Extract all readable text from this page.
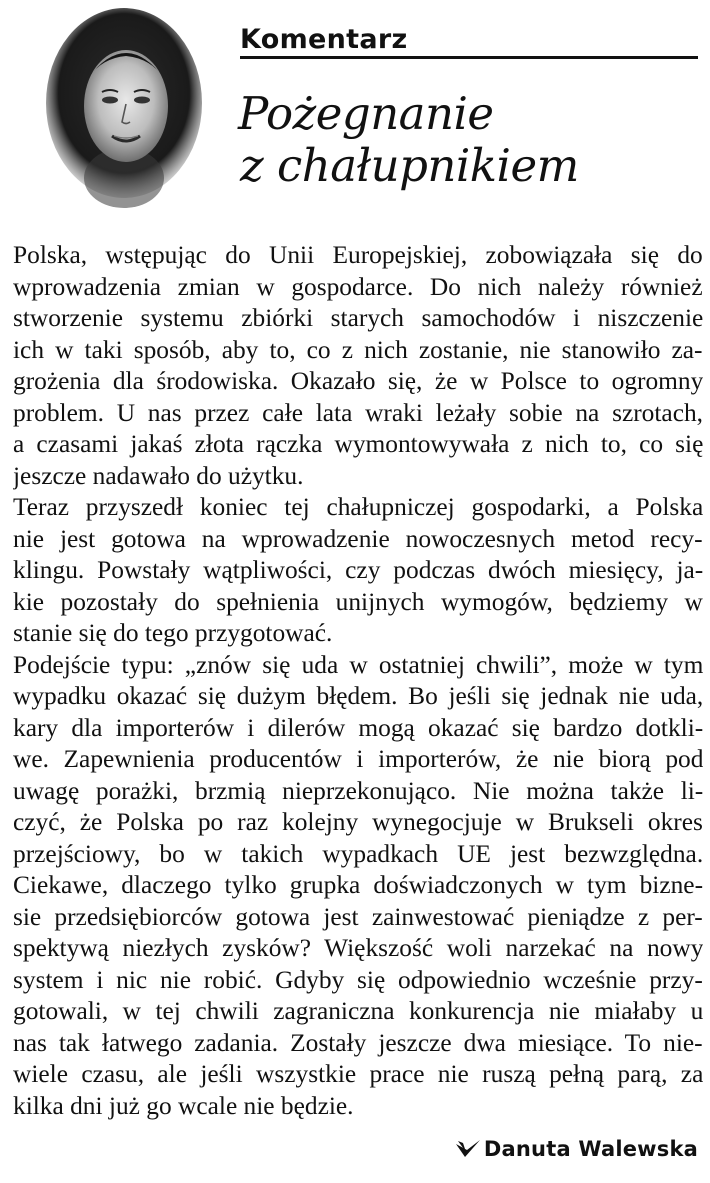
Komentarz
Pożegnanie
z chałupnikiem
Polska, wstępując do Unii Europejskiej, zobowiązała się do
wprowadzenia zmian w gospodarce. Do nich należy również
stworzenie systemu zbiórki starych samochodów i niszczenie
ich w taki sposób, aby to, co z nich zostanie, nie stanowiło za-
grożenia dla środowiska. Okazało się, że w Polsce to ogromny
problem. U nas przez całe lata wraki leżały sobie na szrotach,
a czasami jakaś złota rączka wymontowywała z nich to, co się
jeszcze nadawało do użytku.
Teraz przyszedł koniec tej chałupniczej gospodarki, a Polska
nie jest gotowa na wprowadzenie nowoczesnych metod recy-
klingu. Powstały wątpliwości, czy podczas dwóch miesięcy, ja-
kie pozostały do spełnienia unijnych wymogów, będziemy w
stanie się do tego przygotować.
Podejście typu: „znów się uda w ostatniej chwili”, może w tym
wypadku okazać się dużym błędem. Bo jeśli się jednak nie uda,
kary dla importerów i dilerów mogą okazać się bardzo dotkli-
we. Zapewnienia producentów i importerów, że nie biorą pod
uwagę porażki, brzmią nieprzekonująco. Nie można także li-
czyć, że Polska po raz kolejny wynegocjuje w Brukseli okres
przejściowy, bo w takich wypadkach UE jest bezwzględna.
Ciekawe, dlaczego tylko grupka doświadczonych w tym bizne-
sie przedsiębiorców gotowa jest zainwestować pieniądze z per-
spektywą niezłych zysków? Większość woli narzekać na nowy
system i nic nie robić. Gdyby się odpowiednio wcześnie przy-
gotowali, w tej chwili zagraniczna konkurencja nie miałaby u
nas tak łatwego zadania. Zostały jeszcze dwa miesiące. To nie-
wiele czasu, ale jeśli wszystkie prace nie ruszą pełną parą, za
kilka dni już go wcale nie będzie.
Danuta Walewska
